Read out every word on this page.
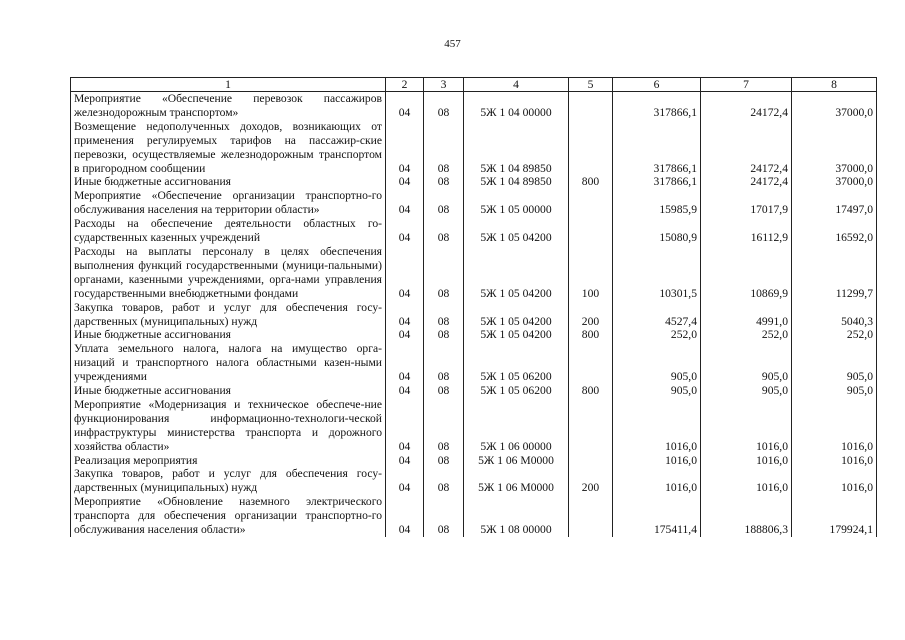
457
1	2	3	4	5	6	7	8
Мероприятие «Обеспечение перевозок пассажиров железнодорожным транспортом»	04	08	5Ж 1 04 00000		317866,1	24172,4	37000,0
Возмещение недополученных доходов, возникающих от применения регулируемых тарифов на пассажир-ские перевозки, осуществляемые железнодорожным транспортом в пригородном сообщении	04	08	5Ж 1 04 89850		317866,1	24172,4	37000,0
Иные бюджетные ассигнования	04	08	5Ж 1 04 89850	800	317866,1	24172,4	37000,0
Мероприятие «Обеспечение организации транспортно-го обслуживания населения на территории области»	04	08	5Ж 1 05 00000		15985,9	17017,9	17497,0
Расходы на обеспечение деятельности областных го-сударственных казенных учреждений	04	08	5Ж 1 05 04200		15080,9	16112,9	16592,0
Расходы на выплаты персоналу в целях обеспечения выполнения функций государственными (муници-пальными) органами, казенными учреждениями, орга-нами управления государственными внебюджетными фондами	04	08	5Ж 1 05 04200	100	10301,5	10869,9	11299,7
Закупка товаров, работ и услуг для обеспечения госу-дарственных (муниципальных) нужд	04	08	5Ж 1 05 04200	200	4527,4	4991,0	5040,3
Иные бюджетные ассигнования	04	08	5Ж 1 05 04200	800	252,0	252,0	252,0
Уплата земельного налога, налога на имущество орга-низаций и транспортного налога областными казен-ными учреждениями	04	08	5Ж 1 05 06200		905,0	905,0	905,0
Иные бюджетные ассигнования	04	08	5Ж 1 05 06200	800	905,0	905,0	905,0
Мероприятие «Модернизация и техническое обеспече-ние функционирования информационно-технологи-ческой инфраструктуры министерства транспорта и дорожного хозяйства области»	04	08	5Ж 1 06 00000		1016,0	1016,0	1016,0
Реализация мероприятия	04	08	5Ж 1 06 М0000		1016,0	1016,0	1016,0
Закупка товаров, работ и услуг для обеспечения госу-дарственных (муниципальных) нужд	04	08	5Ж 1 06 М0000	200	1016,0	1016,0	1016,0
Мероприятие «Обновление наземного электрического транспорта для обеспечения организации транспортно-го обслуживания населения области»	04	08	5Ж 1 08 00000		175411,4	188806,3	179924,1
